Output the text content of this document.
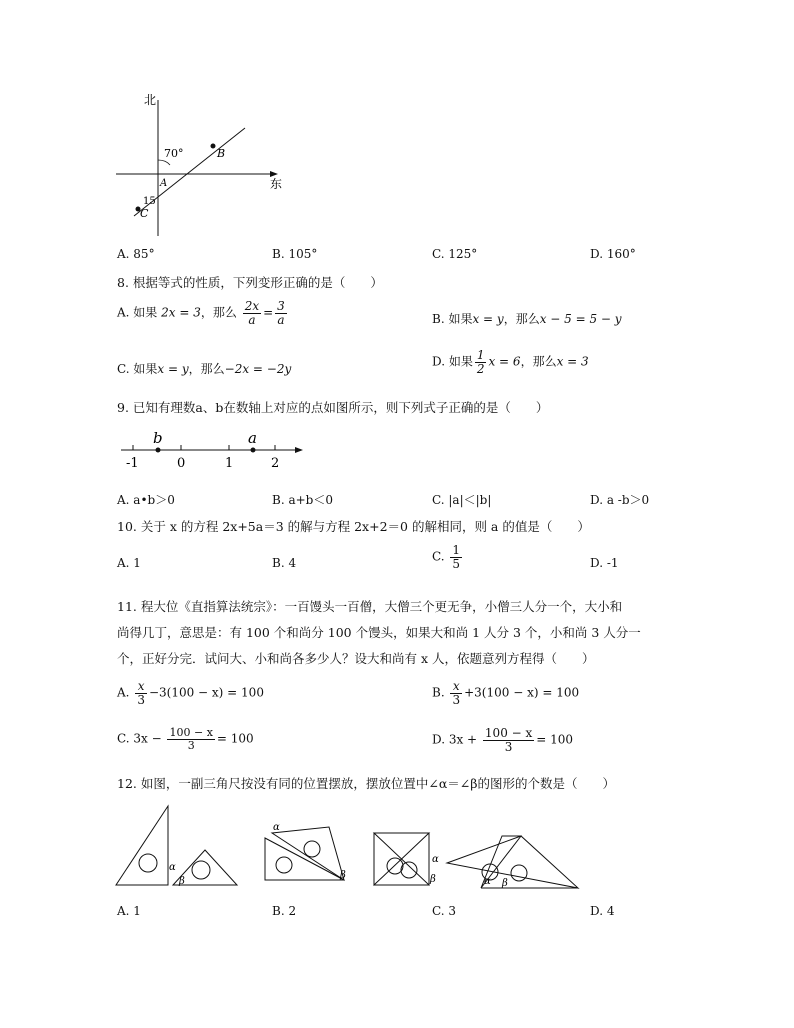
北
东
70°
15
A
B
C
A. 85°	B. 105°	C. 125°	D. 160°
8. 根据等式的性质，下列变形正确的是（　　）
A. 如果 2x = 3，那么 $\frac{2x}{a} = \frac{3}{a}$	B. 如果x = y，那么x − 5 = 5 − y
C. 如果x = y，那么−2x = −2y
D. 如果 $\frac{1}{2}$ x = 6，那么x = 3
9. 已知有理数a、b在数轴上对应的点如图所示，则下列式子正确的是（　　）
-1	0	1	2
b	a
A. a•b＞0	B. a+b＜0	C. |a|＜|b|	D. a -b＞0
10. 关于 x 的方程 2x+5a＝3 的解与方程 2x+2＝0 的解相同，则 a 的值是（　　）
A. 1	B. 4	C. $\frac{1}{5}$	D. -1
11. 程大位《直指算法统宗》：一百馒头一百僧，大僧三个更无争，小僧三人分一个，大小和
尚得几丁，意思是：有 100 个和尚分 100 个馒头，如果大和尚 1 人分 3 个，小和尚 3 人分一
个，正好分完．试问大、小和尚各多少人？设大和尚有 x 人，依题意列方程得（　　）
A. $\frac{x}{3} -3(100 - x) = 100$	B. $\frac{x}{3} +3(100 - x) = 100$
C. $3x - \frac{100 - x}{3} = 100$	D. $3x + \frac{100 - x}{3} = 100$
12. 如图，一副三角尺按没有同的位置摆放，摆放位置中∠α＝∠β的图形的个数是（　　）
α
β
α
β
α
β	α β
A. 1	B. 2	C. 3	D. 4
